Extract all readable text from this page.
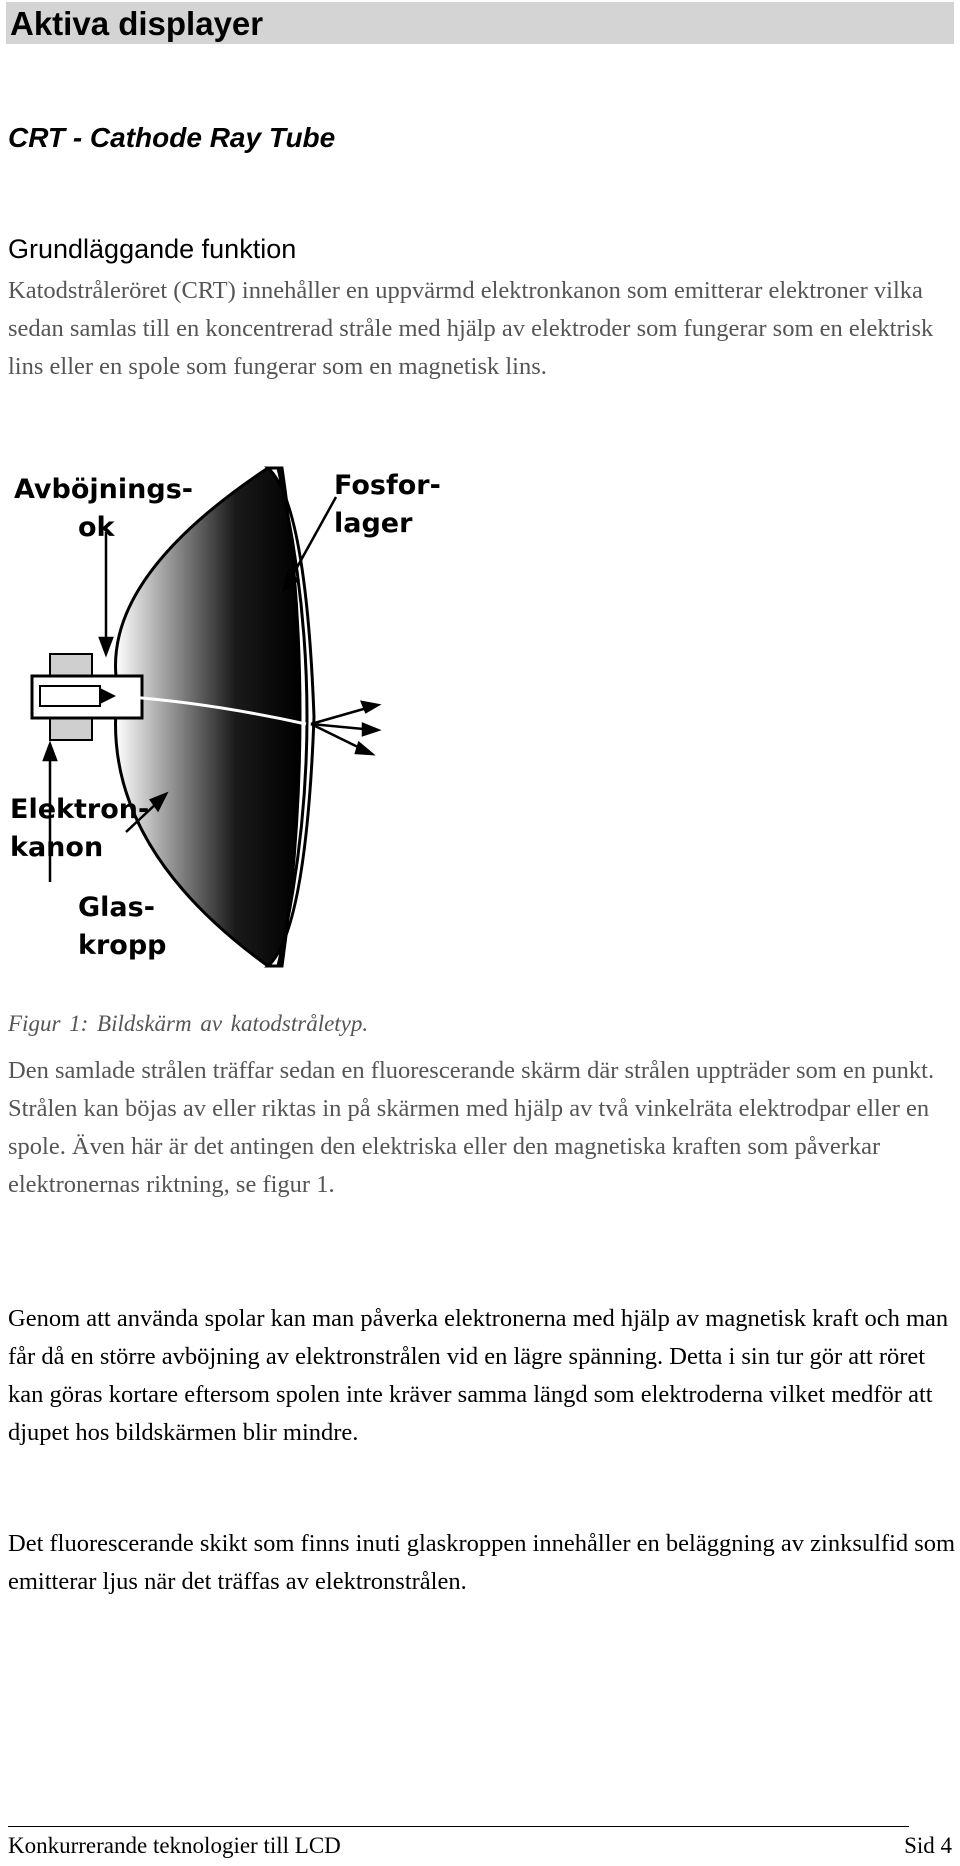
Aktiva displayer
CRT - Cathode Ray Tube
Grundläggande funktion

Katodstråleröret (CRT) innehåller en uppvärmd elektronkanon som emitterar elektroner vilka sedan samlas till en koncentrerad stråle med hjälp av elektroder som fungerar som en elektrisk lins eller en spole som fungerar som en magnetisk lins.

Avböjnings-
ok
Fosfor-
lager
Elektron-
kanon
Glas-
kropp

Figur 1: Bildskärm av katodstråletyp.

Den samlade strålen träffar sedan en fluorescerande skärm där strålen uppträder som en punkt. Strålen kan böjas av eller riktas in på skärmen med hjälp av två vinkelräta elektrodpar eller en spole. Även här är det antingen den elektriska eller den magnetiska kraften som påverkar elektronernas riktning, se figur 1.

Genom att använda spolar kan man påverka elektronerna med hjälp av magnetisk kraft och man får då en större avböjning av elektronstrålen vid en lägre spänning. Detta i sin tur gör att röret kan göras kortare eftersom spolen inte kräver samma längd som elektroderna vilket medför att djupet hos bildskärmen blir mindre.

Det fluorescerande skikt som finns inuti glaskroppen innehåller en beläggning av zinksulfid som emitterar ljus när det träffas av elektronstrålen.

Konkurrerande teknologier till LCD	Sid 4
